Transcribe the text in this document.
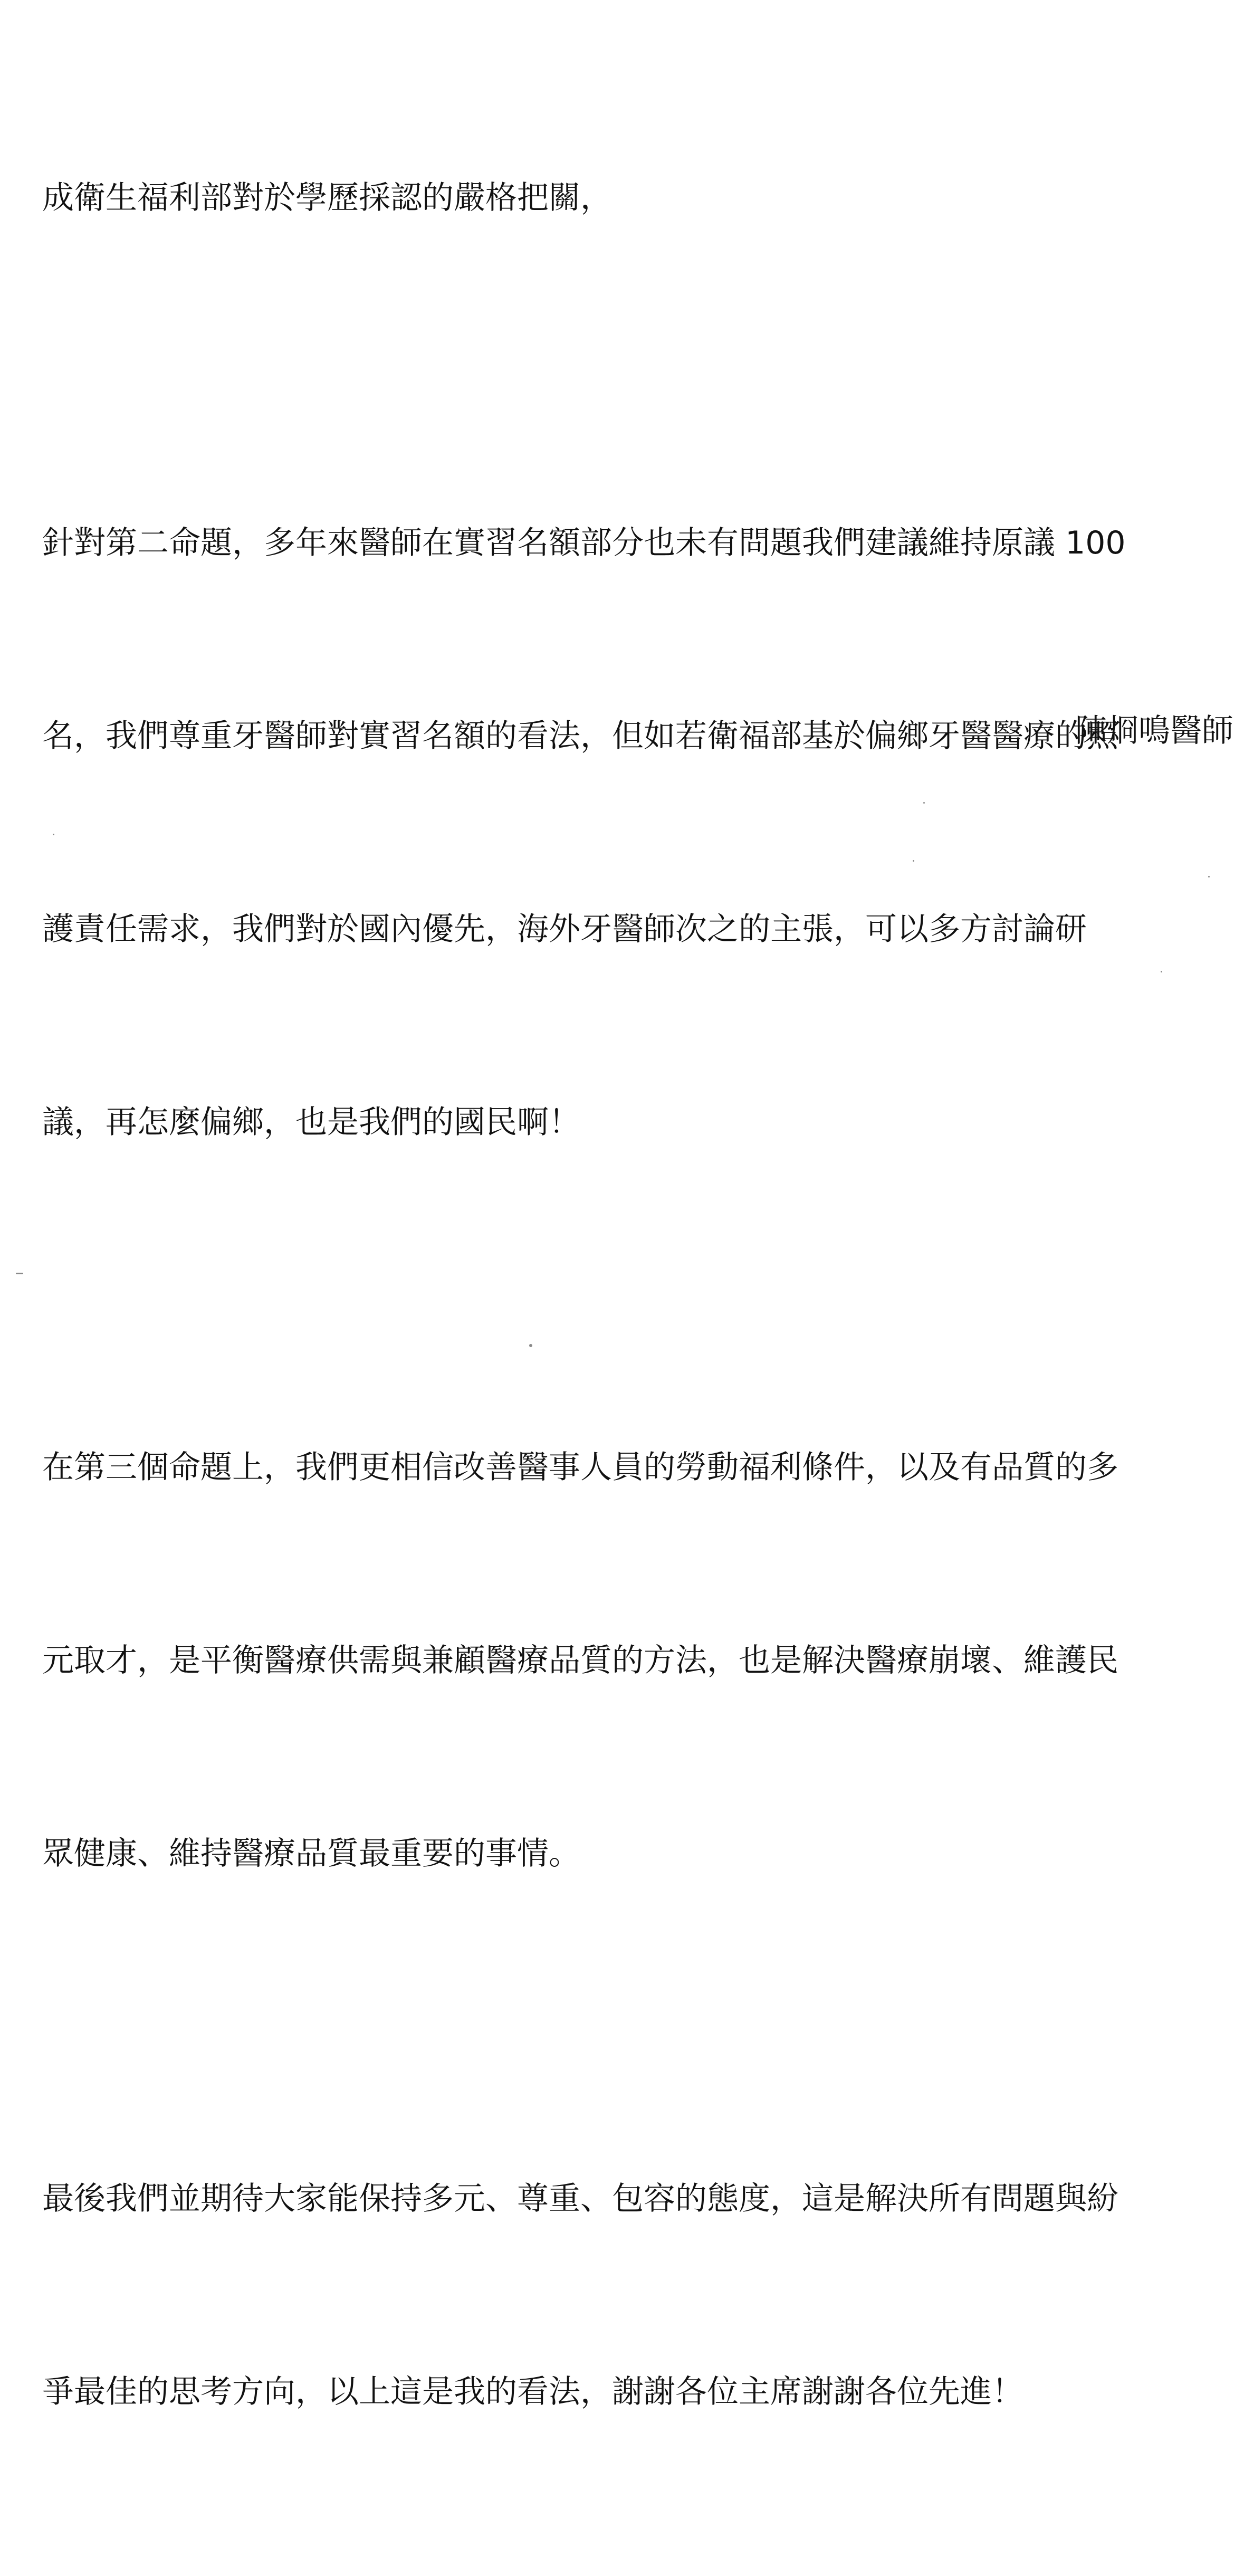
成衛生福利部對於學歷採認的嚴格把關，

針對第二命題，多年來醫師在實習名額部分也未有問題我們建議維持原議 100

名，我們尊重牙醫師對實習名額的看法，但如若衛福部基於偏鄉牙醫醫療的照

護責任需求，我們對於國內優先，海外牙醫師次之的主張，可以多方討論研

議，再怎麼偏鄉，也是我們的國民啊！

在第三個命題上，我們更相信改善醫事人員的勞動福利條件，以及有品質的多

元取才，是平衡醫療供需與兼顧醫療品質的方法，也是解決醫療崩壞、維護民

眾健康、維持醫療品質最重要的事情。

最後我們並期待大家能保持多元、尊重、包容的態度，這是解決所有問題與紛

爭最佳的思考方向，以上這是我的看法，謝謝各位主席謝謝各位先進！

陳烱鳴醫師
